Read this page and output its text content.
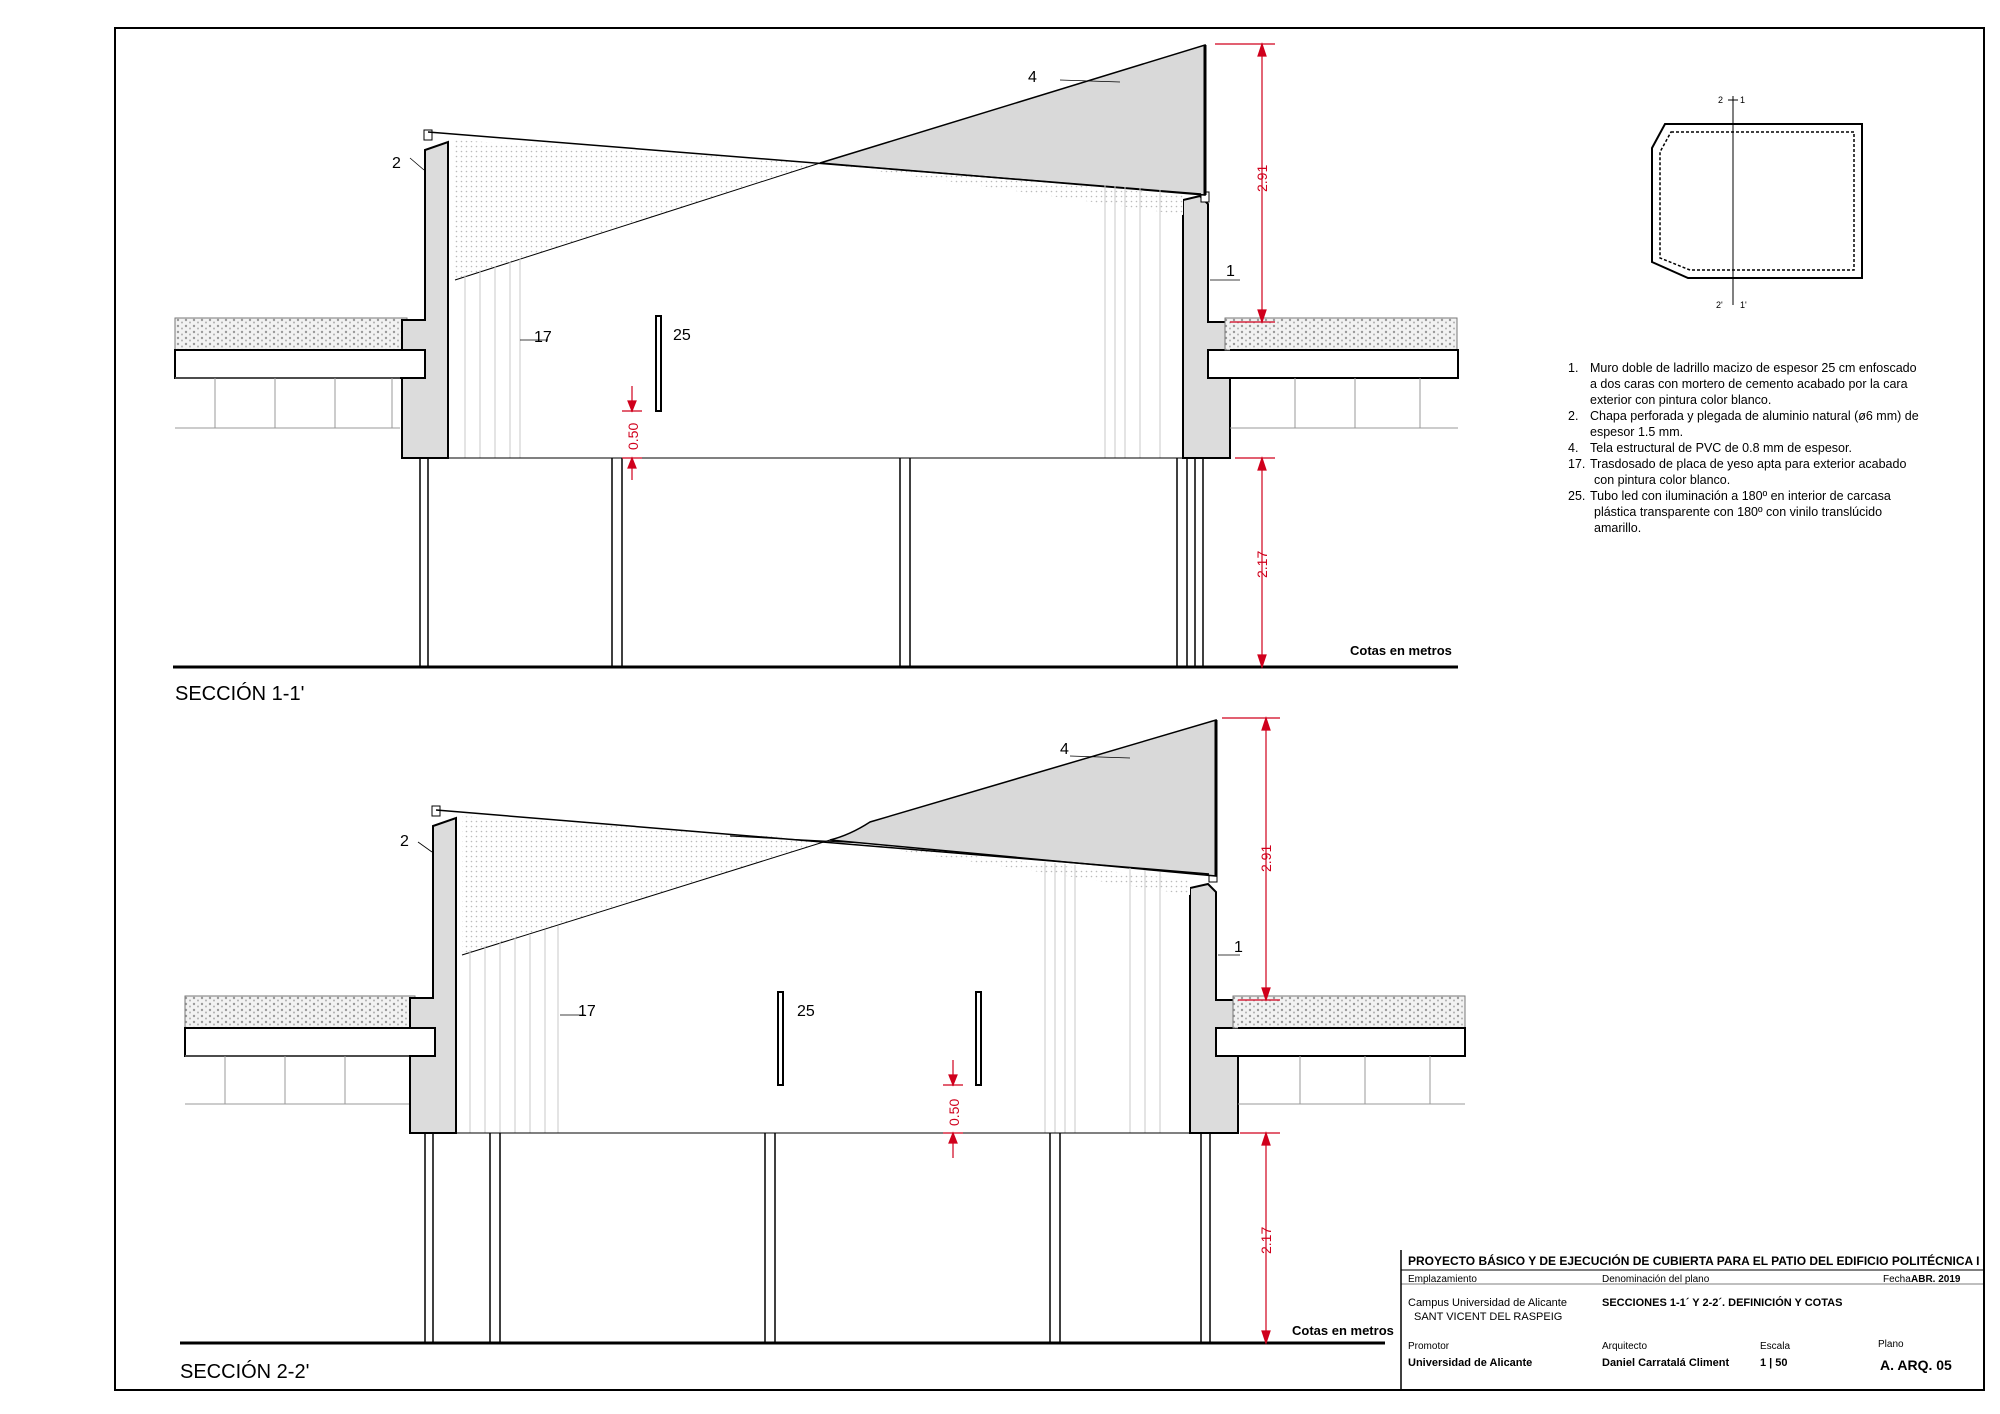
4
2
1
17	25
2.91
2.17
0.50
Cotas en metros
SECCIÓN 1-1'
4
2
1
17	25
2.91
2.17
0.50
Cotas en metros
SECCIÓN 2-2'
2 1
2' 1'
1. Muro doble de ladrillo macizo de espesor 25 cm enfoscado
a dos caras con mortero de cemento acabado por la cara
exterior con pintura color blanco.
2. Chapa perforada y plegada de aluminio natural (ø6 mm) de
espesor 1.5 mm.
4. Tela estructural de PVC de 0.8 mm de espesor.
17. Trasdosado de placa de yeso apta para exterior acabado
con pintura color blanco.
25. Tubo led con iluminación a 180º en interior de carcasa
plástica transparente con 180º con vinilo translúcido
amarillo.
PROYECTO BÁSICO Y DE EJECUCIÓN DE CUBIERTA PARA EL PATIO DEL EDIFICIO POLITÉCNICA I
Emplazamiento
Campus Universidad de Alicante
SANT VICENT DEL RASPEIG
Denominación del plano
SECCIONES 1-1´ Y 2-2´. DEFINICIÓN Y COTAS
Fecha ABR. 2019
Promotor
Universidad de Alicante
Arquitecto
Daniel Carratalá Climent
Escala
1 | 50
Plano
A. ARQ. 05
